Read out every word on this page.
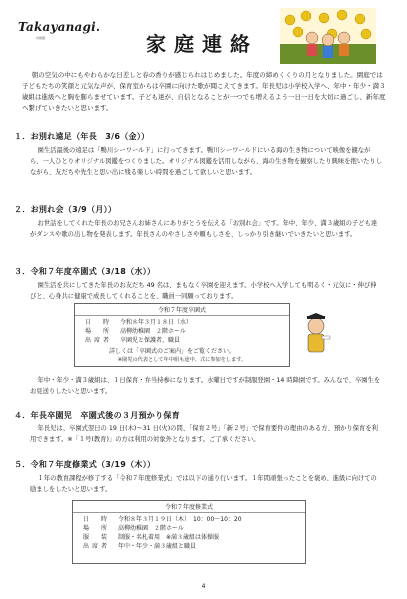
Takayanagi.
幼稚園	家庭連絡

朝の空気の中にもやわらかな日差しと春の香りが感じられはじめました。年度の締めくくりの月となりました。園庭では子どもたちの笑顔と元気な声が、保育室からは卒園に向けた歌が聞こえてきます。年長児は小学校入学へ、年中・年少・満３歳組は進級へと胸を膨らませています。子ども達が、自信となることが一つでも増えるよう一日一日を大切に過ごし、新年度へ繋げていきたいと思います。

１．お別れ遠足（年長　3/6（金））

園生活最後の遠足は「鴨川シーワールド」に行ってきます。鴨川シーワールドにいる海の生き物について映像を観ながら、一人ひとりオリジナル図鑑をつくりました。オリジナル図鑑を活用しながら、海の生き物を観察したり興味を抱いたりしながら、友だちや先生と思い出に残る楽しい時間を過ごして欲しいと思います。

２．お別れ会（3/9（月））

お世話をしてくれた年長のお兄さんお姉さんにありがとうを伝える「お別れ会」です。年中、年少、満３歳組の子ども達がダンスや歌の出し物を発表します。年長さんのやさしさや頼もしさを、しっかり引き継いでいきたいと思います。

３．令和７年度卒園式（3/18（水））

園生活を共にしてきた年長のお友だち 49 名は、まもなく卒園を迎えます。小学校へ入学しても明るく・元気に・伸び伸びと、心身共に健康で成長してくれることを、職員一同願っております。

令和７年度卒園式
日　時	令和８年３月１８日（水）
場　所	高柳幼稚園　２階ホール
出席者	卒園児と保護者、職員
詳しくは「卒園式のご案内」をご覧ください。
※園児の代表として年中組も途中、式に参加をします。

年中・年少・満３歳組は、１日保育・弁当持参になります。水曜日ですが制服登園・14 時降園です。みんなで、卒園生をお見送りしたいと思います。

４．年長卒園児　卒園式後の３月預かり保育

年長児は、卒園式翌日の 19 日(木)～31 日(火)の間、「保育２号」「新２号」で保育要件の理由のある方、預かり保育を利用できます。※「１号(教育)」の方は利用の対象外となります。ご了承ください。

５．令和７年度修業式（3/19（木））

１年の教育課程が修了する「令和７年度修業式」では以下の通り行います。１年間頑張ったことを褒め、進級に向けての励ましをしたいと思います。

令和７年度修業式
日　時	令和８年３月１９日（木）　10：00～10：20
場　所	高柳幼稚園　２階ホール
服　装	制服・名札着用　※満３歳組は体操服
出席者	年中・年少・満３歳組と職員
4
